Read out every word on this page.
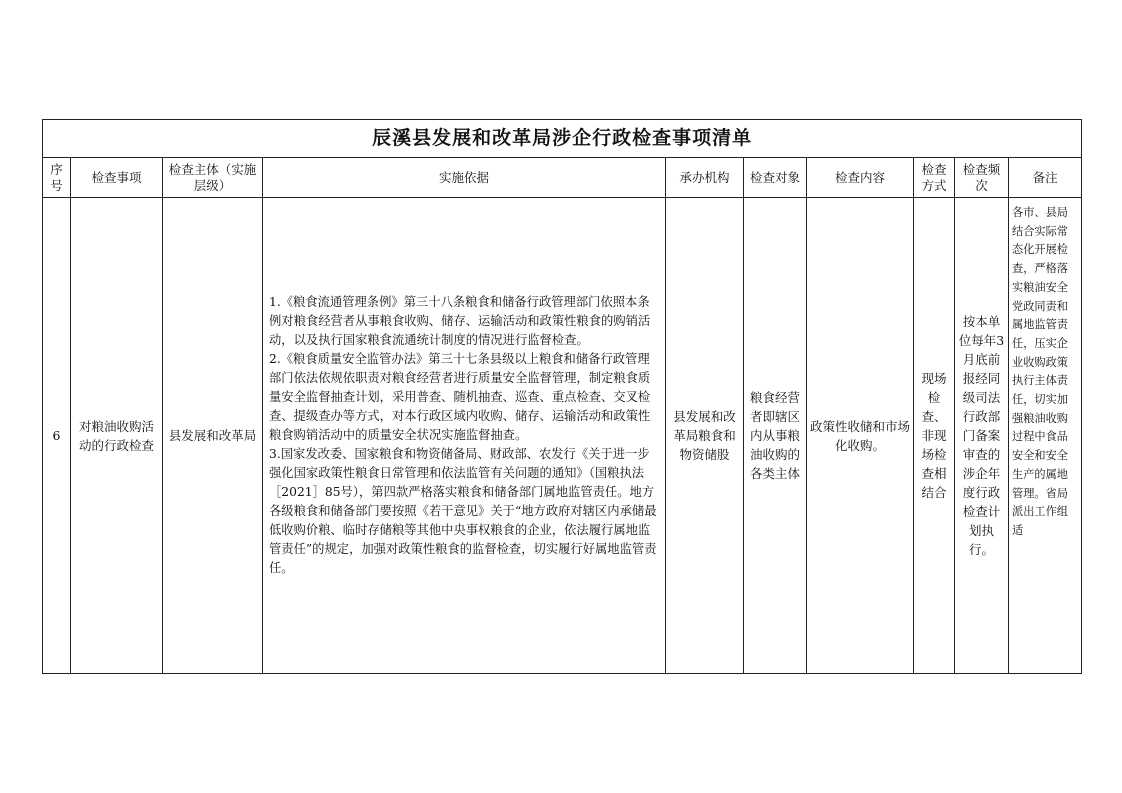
辰溪县发展和改革局涉企行政检查事项清单									
序号	检查事项	检查主体（实施层级）	实施依据	承办机构	检查对象	检查内容	检查方式	检查频次	备注
6	对粮油收购活动的行政检查	县发展和改革局	1.《粮食流通管理条例》第三十八条粮食和储备行政管理部门依照本条例对粮食经营者从事粮食收购、储存、运输活动和政策性粮食的购销活动，以及执行国家粮食流通统计制度的情况进行监督检查。
2.《粮食质量安全监管办法》第三十七条县级以上粮食和储备行政管理部门依法依规依职责对粮食经营者进行质量安全监督管理，制定粮食质量安全监督抽查计划，采用普查、随机抽查、巡查、重点检查、交叉检查、提级查办等方式，对本行政区域内收购、储存、运输活动和政策性粮食购销活动中的质量安全状况实施监督抽查。
3.国家发改委、国家粮食和物资储备局、财政部、农发行《关于进一步强化国家政策性粮食日常管理和依法监管有关问题的通知》（国粮执法［2021］85号），第四款严格落实粮食和储备部门属地监管责任。地方各级粮食和储备部门要按照《若干意见》关于“地方政府对辖区内承储最低收购价粮、临时存储粮等其他中央事权粮食的企业，依法履行属地监管责任”的规定，加强对政策性粮食的监督检查，切实履行好属地监管责任。	县发展和改革局粮食和物资储股	粮食经营者即辖区内从事粮油收购的各类主体	政策性收储和市场化收购。	现场检查、非现场检查相结合	按本单位每年3月底前报经同级司法行政部门备案审查的涉企年度行政检查计划执行。	各市、县局结合实际常态化开展检查，严格落实粮油安全党政同责和属地监管责任，压实企业收购政策执行主体责任，切实加强粮油收购过程中食品安全和安全生产的属地管理。省局派出工作组适
